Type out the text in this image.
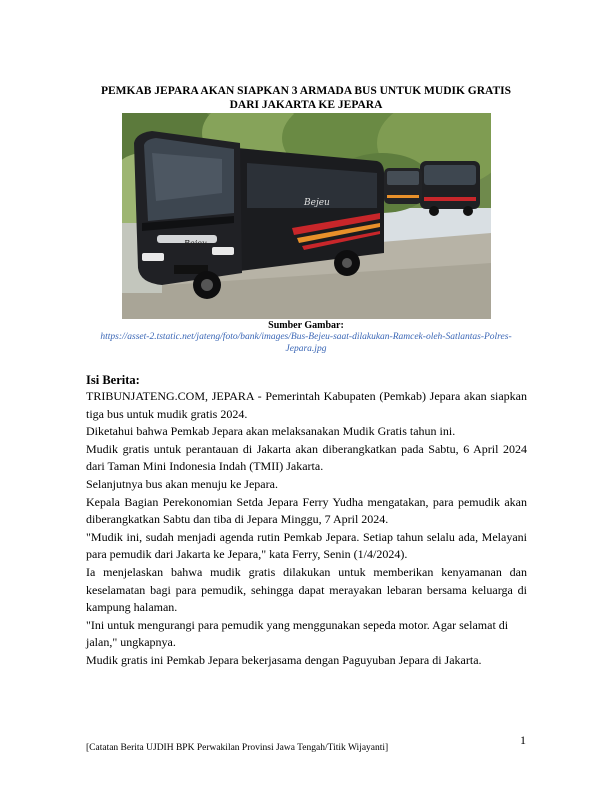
PEMKAB JEPARA AKAN SIAPKAN 3 ARMADA BUS UNTUK MUDIK GRATIS
DARI JAKARTA KE JEPARA
Bejeu
Bejeu
Sumber Gambar:
https://asset-2.tstatic.net/jateng/foto/bank/images/Bus-Bejeu-saat-dilakukan-Ramcek-oleh-Satlantas-Polres-
Jepara.jpg
Isi Berita:

TRIBUNJATENG.COM, JEPARA - Pemerintah Kabupaten (Pemkab) Jepara akan siapkan tiga bus untuk mudik gratis 2024.

Diketahui bahwa Pemkab Jepara akan melaksanakan Mudik Gratis tahun ini.

Mudik gratis untuk perantauan di Jakarta akan diberangkatkan pada Sabtu, 6 April 2024 dari Taman Mini Indonesia Indah (TMII) Jakarta.

Selanjutnya bus akan menuju ke Jepara.

Kepala Bagian Perekonomian Setda Jepara Ferry Yudha mengatakan, para pemudik akan diberangkatkan Sabtu dan tiba di Jepara Minggu, 7 April 2024.

"Mudik ini, sudah menjadi agenda rutin Pemkab Jepara. Setiap tahun selalu ada, Melayani para pemudik dari Jakarta ke Jepara," kata Ferry, Senin (1/4/2024).

Ia menjelaskan bahwa mudik gratis dilakukan untuk memberikan kenyamanan dan keselamatan bagi para pemudik, sehingga dapat merayakan lebaran bersama keluarga di kampung halaman.

"Ini untuk mengurangi para pemudik yang menggunakan sepeda motor. Agar selamat di jalan," ungkapnya.

Mudik gratis ini Pemkab Jepara bekerjasama dengan Paguyuban Jepara di Jakarta.

1
[Catatan Berita UJDIH BPK Perwakilan Provinsi Jawa Tengah/Titik Wijayanti]
